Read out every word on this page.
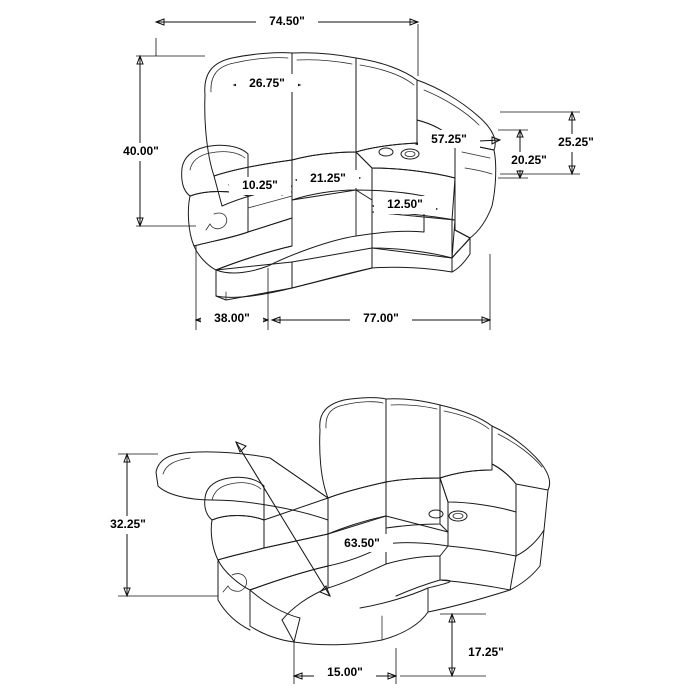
74.50"
26.75"
40.00"
57.25"	25.25"
20.25"
10.25"	21.25"
12.50"
38.00"	77.00"
32.25"
63.50"
15.00"
17.25"
